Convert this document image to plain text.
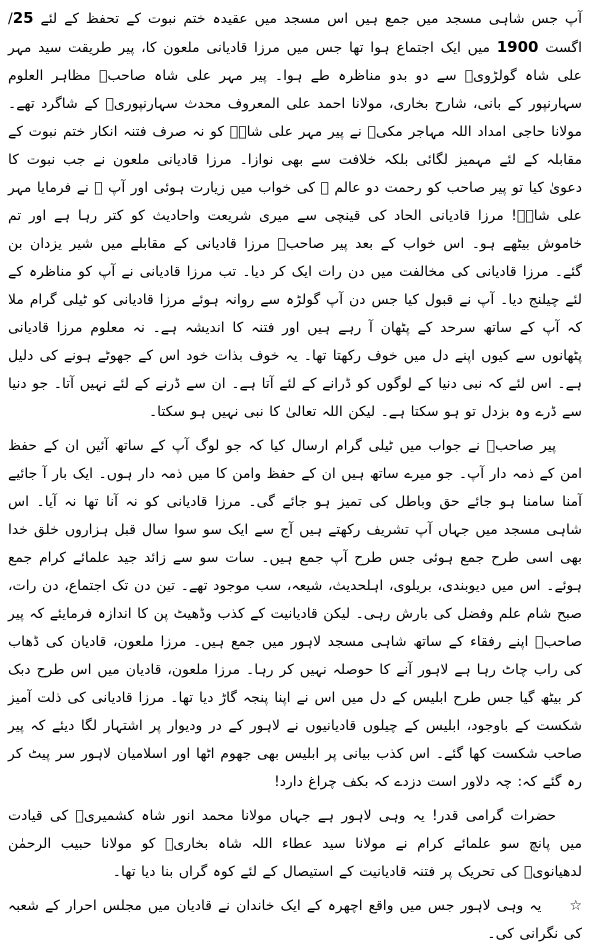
آپ جس شاہی مسجد میں جمع ہیں اس مسجد میں عقیدہ ختم نبوت کے تحفظ کے لئے 25/اگست 1900 میں ایک اجتماع ہوا تھا جس میں مرزا قادیانی ملعون کا، پیر طریقت سید مہر علی شاہ گولڑویؒ سے دو بدو مناظرہ طے ہوا۔ پیر مہر علی شاہ صاحبؒ مظاہر العلوم سہارنپور کے بانی، شارح بخاری، مولانا احمد علی المعروف محدث سہارنپوریؒ کے شاگرد تھے۔ مولانا حاجی امداد اللہ مہاجر مکیؒ نے پیر مہر علی شاہؒ کو نہ صرف فتنہ انکار ختم نبوت کے مقابلہ کے لئے مہمیز لگائی بلکہ خلافت سے بھی نوازا۔ مرزا قادیانی ملعون نے جب نبوت کا دعویٰ کیا تو پیر صاحب کو رحمت دو عالم ﷺ کی خواب میں زیارت ہوئی اور آپ ﷺ نے فرمایا مہر علی شاہؒ! مرزا قادیانی الحاد کی قینچی سے میری شریعت واحادیث کو کتر رہا ہے اور تم خاموش بیٹھے ہو۔ اس خواب کے بعد پیر صاحبؒ مرزا قادیانی کے مقابلے میں شیر یزدان بن گئے۔ مرزا قادیانی کی مخالفت میں دن رات ایک کر دیا۔ تب مرزا قادیانی نے آپ کو مناظرہ کے لئے چیلنج دیا۔ آپ نے قبول کیا جس دن آپ گولڑہ سے روانہ ہوئے مرزا قادیانی کو ٹیلی گرام ملا کہ آپ کے ساتھ سرحد کے پٹھان آ رہے ہیں اور فتنہ کا اندیشہ ہے۔ نہ معلوم مرزا قادیانی پٹھانوں سے کیوں اپنے دل میں خوف رکھتا تھا۔ یہ خوف بذات خود اس کے جھوٹے ہونے کی دلیل ہے۔ اس لئے کہ نبی دنیا کے لوگوں کو ڈرانے کے لئے آتا ہے۔ ان سے ڈرنے کے لئے نہیں آتا۔ جو دنیا سے ڈرے وہ بزدل تو ہو سکتا ہے۔ لیکن اللہ تعالیٰ کا نبی نہیں ہو سکتا۔

پیر صاحبؒ نے جواب میں ٹیلی گرام ارسال کیا کہ جو لوگ آپ کے ساتھ آئیں ان کے حفظ امن کے ذمہ دار آپ۔ جو میرے ساتھ ہیں ان کے حفظ وامن کا میں ذمہ دار ہوں۔ ایک بار آ جائیے آمنا سامنا ہو جائے حق وباطل کی تمیز ہو جائے گی۔ مرزا قادیانی کو نہ آنا تھا نہ آیا۔ اس شاہی مسجد میں جہاں آپ تشریف رکھتے ہیں آج سے ایک سو سوا سال قبل ہزاروں خلق خدا بھی اسی طرح جمع ہوئی جس طرح آپ جمع ہیں۔ سات سو سے زائد جید علمائے کرام جمع ہوئے۔ اس میں دیوبندی، بریلوی، اہلحدیث، شیعہ، سب موجود تھے۔ تین دن تک اجتماع، دن رات، صبح شام علم وفضل کی بارش رہی۔ لیکن قادیانیت کے کذب وڈھیٹ پن کا اندازہ فرمایئے کہ پیر صاحبؒ اپنے رفقاء کے ساتھ شاہی مسجد لاہور میں جمع ہیں۔ مرزا ملعون، قادیان کی ڈھاب کی راب چاٹ رہا ہے لاہور آنے کا حوصلہ نہیں کر رہا۔ مرزا ملعون، قادیان میں اس طرح دبک کر بیٹھ گیا جس طرح ابلیس کے دل میں اس نے اپنا پنجہ گاڑ دیا تھا۔ مرزا قادیانی کی ذلت آمیز شکست کے باوجود، ابلیس کے چیلوں قادیانیوں نے لاہور کے در ودیوار پر اشتہار لگا دیئے کہ پیر صاحب شکست کھا گئے۔ اس کذب بیانی پر ابلیس بھی جھوم اٹھا اور اسلامیان لاہور سر پیٹ کر رہ گئے کہ: چہ دلاور است دزدے کہ بکف چراغ دارد!

حضرات گرامی قدر! یہ وہی لاہور ہے جہاں مولانا محمد انور شاہ کشمیریؒ کی قیادت میں پانچ سو علمائے کرام نے مولانا سید عطاء اللہ شاہ بخاریؒ کو مولانا حبیب الرحمٰن لدھیانویؒ کی تحریک پر فتنہ قادیانیت کے استیصال کے لئے کوہ گراں بنا دیا تھا۔

☆یہ وہی لاہور جس میں واقع اچھرہ کے ایک خاندان نے قادیان میں مجلس احرار کے شعبہ کی نگرانی کی۔
